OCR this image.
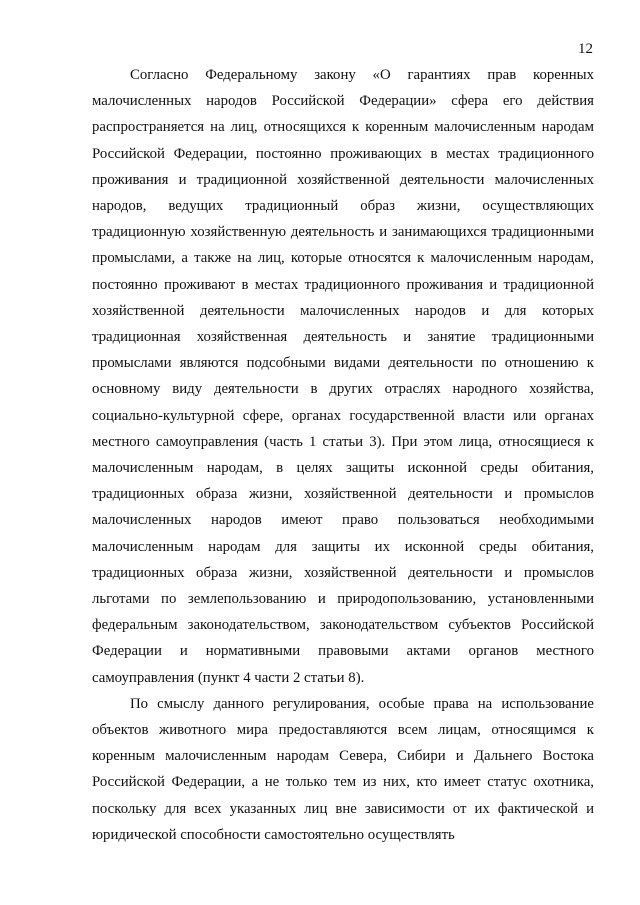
12

Согласно Федеральному закону «О гарантиях прав коренных малочисленных народов Российской Федерации» сфера его действия распространяется на лиц, относящихся к коренным малочисленным народам Российской Федерации, постоянно проживающих в местах традиционного проживания и традиционной хозяйственной деятельности малочисленных народов, ведущих традиционный образ жизни, осуществляющих традиционную хозяйственную деятельность и занимающихся традиционными промыслами, а также на лиц, которые относятся к малочисленным народам, постоянно проживают в местах традиционного проживания и традиционной хозяйственной деятельности малочисленных народов и для которых традиционная хозяйственная деятельность и занятие традиционными промыслами являются подсобными видами деятельности по отношению к основному виду деятельности в других отраслях народного хозяйства, социально-культурной сфере, органах государственной власти или органах местного самоуправления (часть 1 статьи 3). При этом лица, относящиеся к малочисленным народам, в целях защиты исконной среды обитания, традиционных образа жизни, хозяйственной деятельности и промыслов малочисленных народов имеют право пользоваться необходимыми малочисленным народам для защиты их исконной среды обитания, традиционных образа жизни, хозяйственной деятельности и промыслов льготами по землепользованию и природопользованию, установленными федеральным законодательством, законодательством субъектов Российской Федерации и нормативными правовыми актами органов местного самоуправления (пункт 4 части 2 статьи 8).

По смыслу данного регулирования, особые права на использование объектов животного мира предоставляются всем лицам, относящимся к коренным малочисленным народам Севера, Сибири и Дальнего Востока Российской Федерации, а не только тем из них, кто имеет статус охотника, поскольку для всех указанных лиц вне зависимости от их фактической и юридической способности самостоятельно осуществлять
